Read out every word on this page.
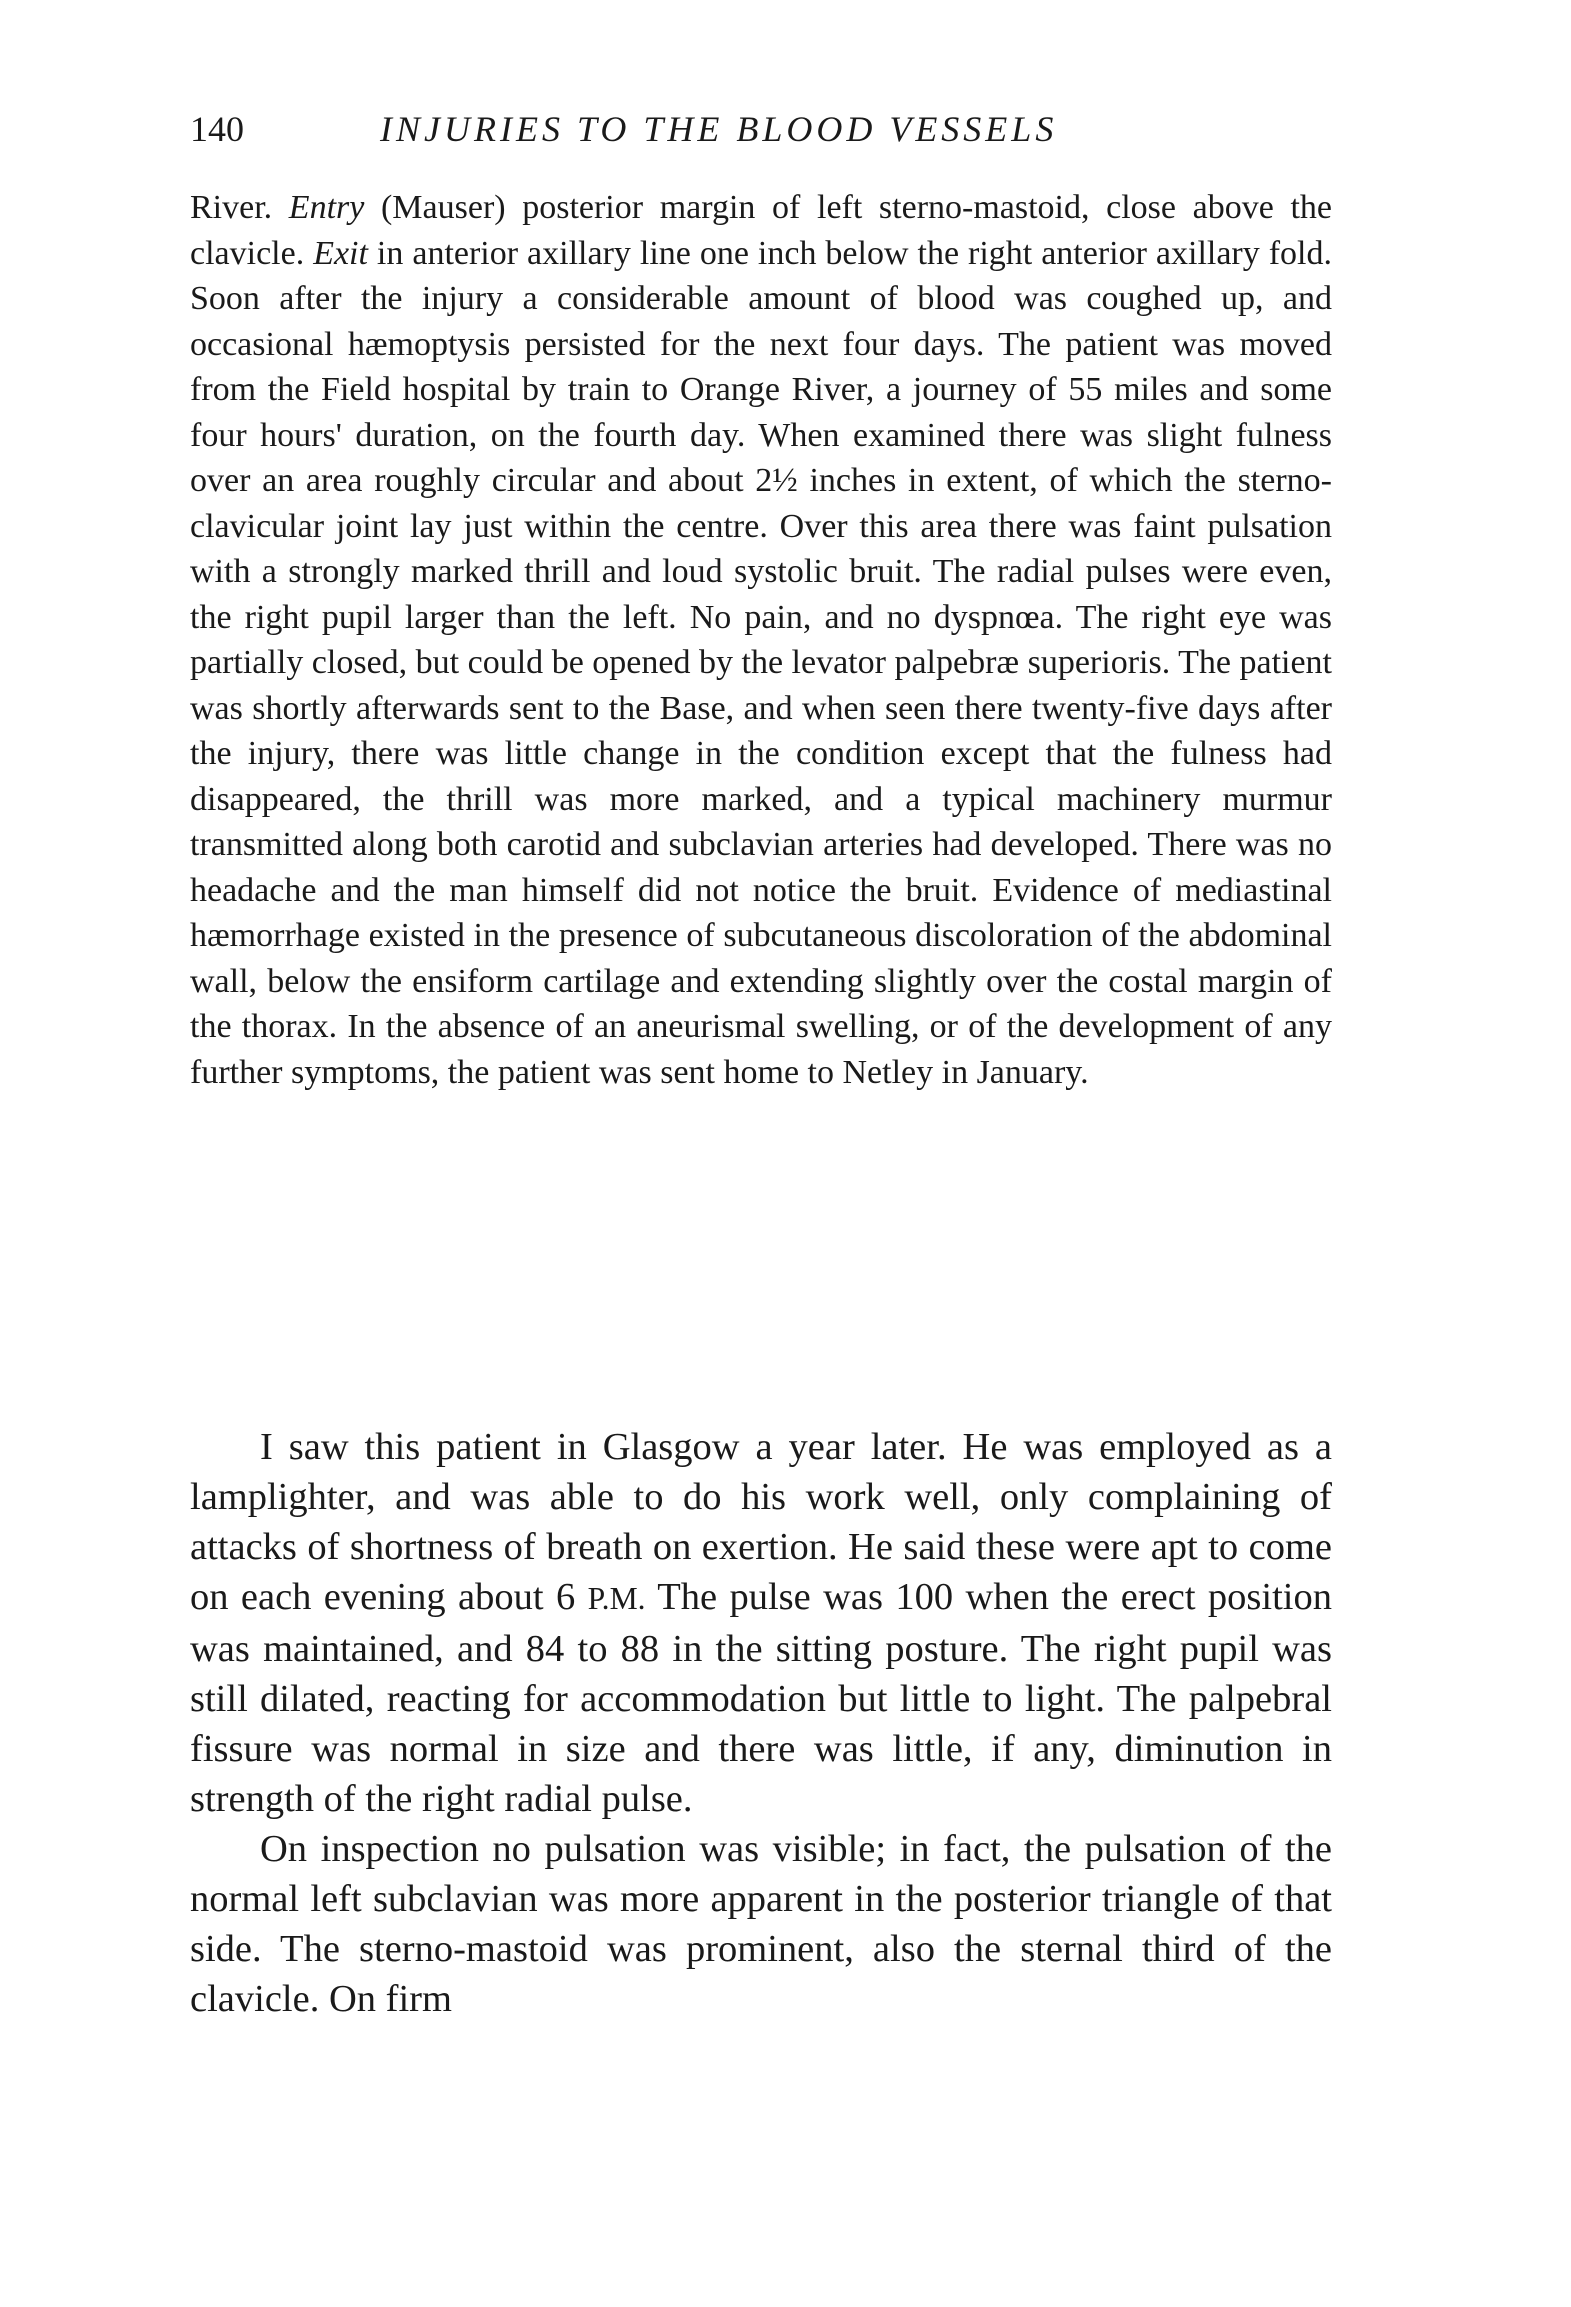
140	INJURIES TO THE BLOOD VESSELS

River. Entry (Mauser) posterior margin of left sterno-mastoid, close above the clavicle. Exit in anterior axillary line one inch below the right anterior axillary fold. Soon after the injury a considerable amount of blood was coughed up, and occasional hæmoptysis persisted for the next four days. The patient was moved from the Field hospital by train to Orange River, a journey of 55 miles and some four hours' duration, on the fourth day. When examined there was slight fulness over an area roughly circular and about 2½ inches in extent, of which the sterno-clavicular joint lay just within the centre. Over this area there was faint pulsation with a strongly marked thrill and loud systolic bruit. The radial pulses were even, the right pupil larger than the left. No pain, and no dyspnœa. The right eye was partially closed, but could be opened by the levator palpebræ superioris. The patient was shortly afterwards sent to the Base, and when seen there twenty-five days after the injury, there was little change in the condition except that the fulness had disappeared, the thrill was more marked, and a typical machinery murmur transmitted along both carotid and subclavian arteries had developed. There was no headache and the man himself did not notice the bruit. Evidence of mediastinal hæmorrhage existed in the presence of subcutaneous discoloration of the abdominal wall, below the ensiform cartilage and extending slightly over the costal margin of the thorax. In the absence of an aneurismal swelling, or of the development of any further symptoms, the patient was sent home to Netley in January.

I saw this patient in Glasgow a year later. He was employed as a lamplighter, and was able to do his work well, only complaining of attacks of shortness of breath on exertion. He said these were apt to come on each evening about 6 P.M. The pulse was 100 when the erect position was maintained, and 84 to 88 in the sitting posture. The right pupil was still dilated, reacting for accommodation but little to light. The palpebral fissure was normal in size and there was little, if any, diminution in strength of the right radial pulse.

On inspection no pulsation was visible; in fact, the pulsation of the normal left subclavian was more apparent in the posterior triangle of that side. The sterno-mastoid was prominent, also the sternal third of the clavicle. On firm
